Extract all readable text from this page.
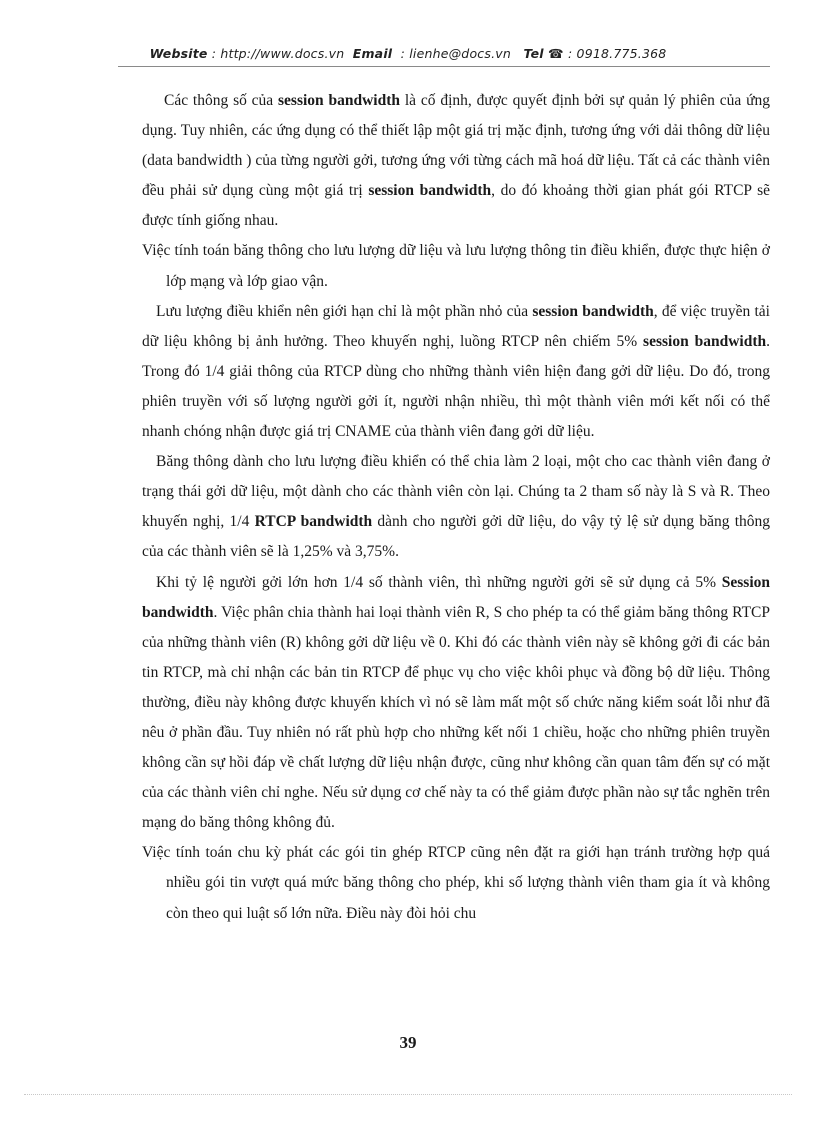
Website : http://www.docs.vn Email : lienhe@docs.vn Tel ☎ : 0918.775.368

Các thông số của session bandwidth là cố định, được quyết định bởi sự quản lý phiên của ứng dụng. Tuy nhiên, các ứng dụng có thể thiết lập một giá trị mặc định, tương ứng với dải thông dữ liệu (data bandwidth ) của từng người gởi, tương ứng với từng cách mã hoá dữ liệu. Tất cả các thành viên đều phải sử dụng cùng một giá trị session bandwidth, do đó khoảng thời gian phát gói RTCP sẽ được tính giống nhau.

Việc tính toán băng thông cho lưu lượng dữ liệu và lưu lượng thông tin điều khiển, được thực hiện ở lớp mạng và lớp giao vận.

Lưu lượng điều khiển nên giới hạn chỉ là một phần nhỏ của session bandwidth, để việc truyền tải dữ liệu không bị ảnh hưởng. Theo khuyến nghị, luồng RTCP nên chiếm 5% session bandwidth. Trong đó 1/4 giải thông của RTCP dùng cho những thành viên hiện đang gởi dữ liệu. Do đó, trong phiên truyền với số lượng người gởi ít, người nhận nhiều, thì một thành viên mới kết nối có thể nhanh chóng nhận được giá trị CNAME của thành viên đang gởi dữ liệu.

Băng thông dành cho lưu lượng điều khiển có thể chia làm 2 loại, một cho cac thành viên đang ở trạng thái gởi dữ liệu, một dành cho các thành viên còn lại. Chúng ta 2 tham số này là S và R. Theo khuyến nghị, 1/4 RTCP bandwidth dành cho người gởi dữ liệu, do vậy tỷ lệ sử dụng băng thông của các thành viên sẽ là 1,25% và 3,75%.

Khi tỷ lệ người gởi lớn hơn 1/4 số thành viên, thì những người gởi sẽ sử dụng cả 5% Session bandwidth. Việc phân chia thành hai loại thành viên R, S cho phép ta có thể giảm băng thông RTCP của những thành viên (R) không gởi dữ liệu về 0. Khi đó các thành viên này sẽ không gởi đi các bản tin RTCP, mà chỉ nhận các bản tin RTCP để phục vụ cho việc khôi phục và đồng bộ dữ liệu. Thông thường, điều này không được khuyến khích vì nó sẽ làm mất một số chức năng kiểm soát lỗi như đã nêu ở phần đầu. Tuy nhiên nó rất phù hợp cho những kết nối 1 chiều, hoặc cho những phiên truyền không cần sự hồi đáp về chất lượng dữ liệu nhận được, cũng như không cần quan tâm đến sự có mặt của các thành viên chỉ nghe. Nếu sử dụng cơ chế này ta có thể giảm được phần nào sự tắc nghẽn trên mạng do băng thông không đủ.

Việc tính toán chu kỳ phát các gói tin ghép RTCP cũng nên đặt ra giới hạn tránh trường hợp quá nhiều gói tin vượt quá mức băng thông cho phép, khi số lượng thành viên tham gia ít và không còn theo qui luật số lớn nữa. Điều này đòi hỏi chu

39
